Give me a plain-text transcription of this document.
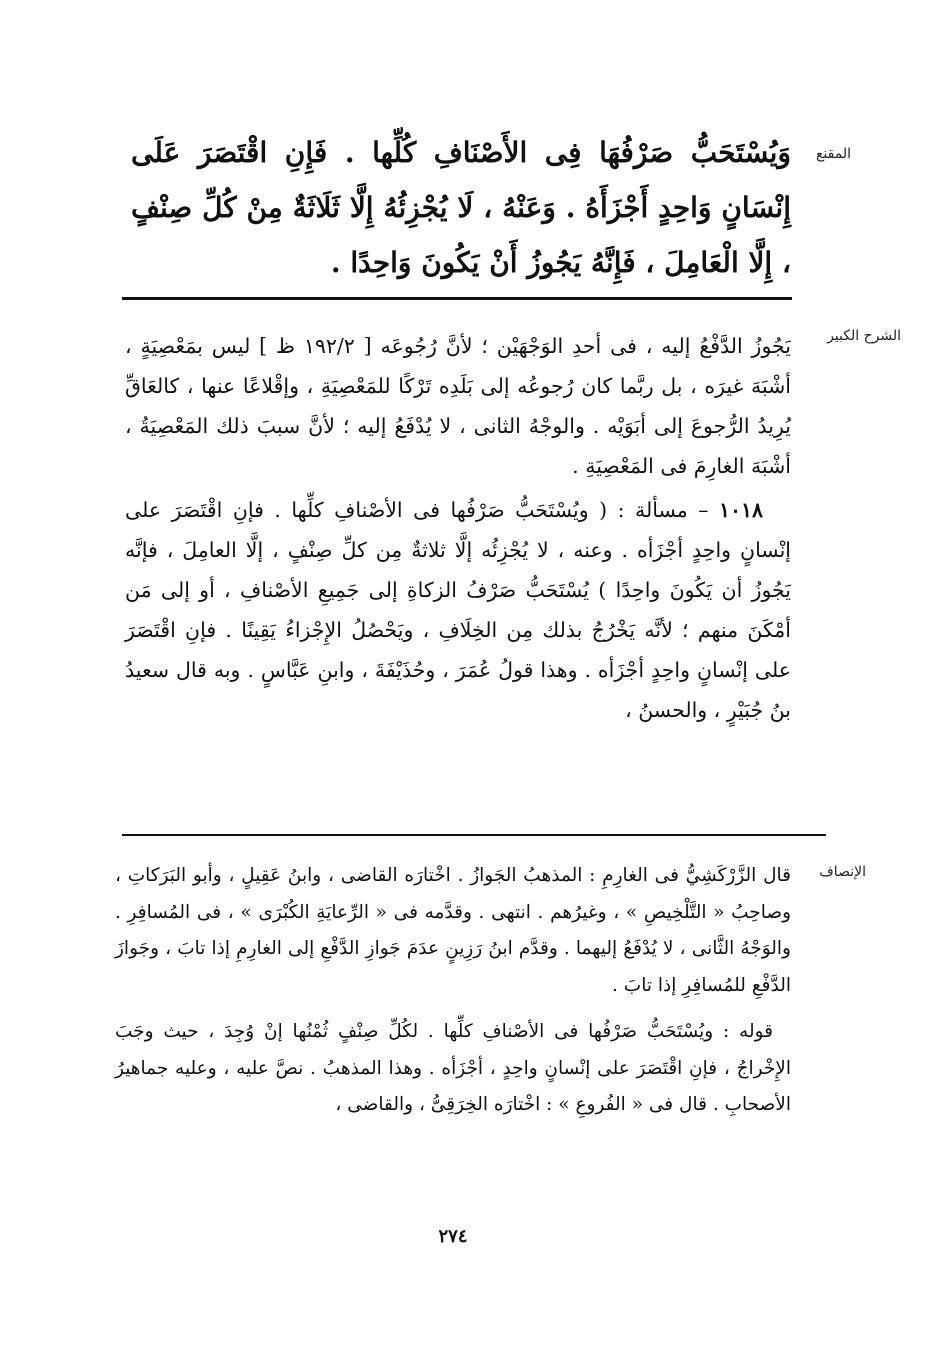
المقنع

وَيُسْتَحَبُّ صَرْفُهَا فِى الأَصْنَافِ كُلِّها . فَإِنِ اقْتَصَرَ عَلَى إِنْسَانٍ وَاحِدٍ أَجْزَأَهُ . وَعَنْهُ ، لَا يُجْزِئُهُ إِلَّا ثَلَاثَةٌ مِنْ كُلِّ صِنْفٍ ، إِلَّا الْعَامِلَ ، فَإِنَّهُ يَجُوزُ أَنْ يَكُونَ وَاحِدًا .

الشرح الكبير

يَجُوزُ الدَّفْعُ إليه ، فى أحدِ الوَجْهَيْن ؛ لأنَّ رُجُوعَه [ ١٩٢/٢ ظ ] ليس بمَعْصِيَةٍ ، أشْبَهَ غيرَه ، بل ربَّما كان رُجوعُه إلى بَلَدِه تَرْكًا للمَعْصِيَةِ ، وإقْلاعًا عنها ، كالعَاقِّ يُرِيدُ الرُّجوعَ إلى أبَوَيْه . والوجْهُ الثانى ، لا يُدْفَعُ إليه ؛ لأنَّ سببَ ذلك المَعْصِيَةُ ، أشْبَهَ الغارِمَ فى المَعْصِيَةِ .

١٠١٨ – مسألة : ( ويُسْتَحَبُّ صَرْفُها فى الأصْنافِ كلِّها . فإنِ اقْتَصَرَ على إنْسانٍ واحِدٍ أجْزَأه . وعنه ، لا يُجْزِئُه إلَّا ثلاثةٌ مِن كلِّ صِنْفٍ ، إلَّا العامِلَ ، فإنَّه يَجُوزُ أن يَكُونَ واحِدًا ) يُسْتَحَبُّ صَرْفُ الزكاةِ إلى جَمِيعِ الأصْنافِ ، أو إلى مَن أمْكَنَ منهم ؛ لأنَّه يَخْرُجُ بذلك مِن الخِلَافِ ، ويَحْصُلُ الإِجْزاءُ يَقِينًا . فإنِ اقْتَصَرَ على إنْسانٍ واحِدٍ أجْزَأه . وهذا قولُ عُمَرَ ، وحُذَيْفَةَ ، وابنِ عَبَّاسٍ . وبه قال سعيدُ بنُ جُبَيْرٍ ، والحسنُ ،

الإنصاف

قال الزَّرْكَشِيُّ فى الغارِمِ : المذهبُ الجَوازُ . اخْتارَه القاضى ، وابنُ عَقِيلٍ ، وأبو البَرَكاتِ ، وصاحِبُ « التَّلْخِيصِ » ، وغيرُهم . انتهى . وقدَّمه فى « الرِّعايَةِ الكُبْرَى » ، فى المُسافِرِ . والوَجْهُ الثَّانى ، لا يُدْفَعُ إليهما . وقدَّم ابنُ رَزِينٍ عدَمَ جَوازِ الدَّفْعِ إلى الغارِمِ إذا تابَ ، وجَوازَ الدَّفْعِ للمُسافِرِ إذا تابَ .

قوله : ويُسْتَحَبُّ صَرْفُها فى الأصْنافِ كلِّها . لكُلِّ صِنْفٍ ثُمْنُها إنْ وُجِدَ ، حيث وجَبَ الإِخْراجُ ، فإنِ اقْتَصَرَ على إنْسانٍ واحِدٍ ، أجْزَأه . وهذا المذهبُ . نصَّ عليه ، وعليه جماهيرُ الأصحابِ . قال فى « الفُروعِ » : اخْتارَه الخِرَقِىُّ ، والقاضى ،

٢٧٤
